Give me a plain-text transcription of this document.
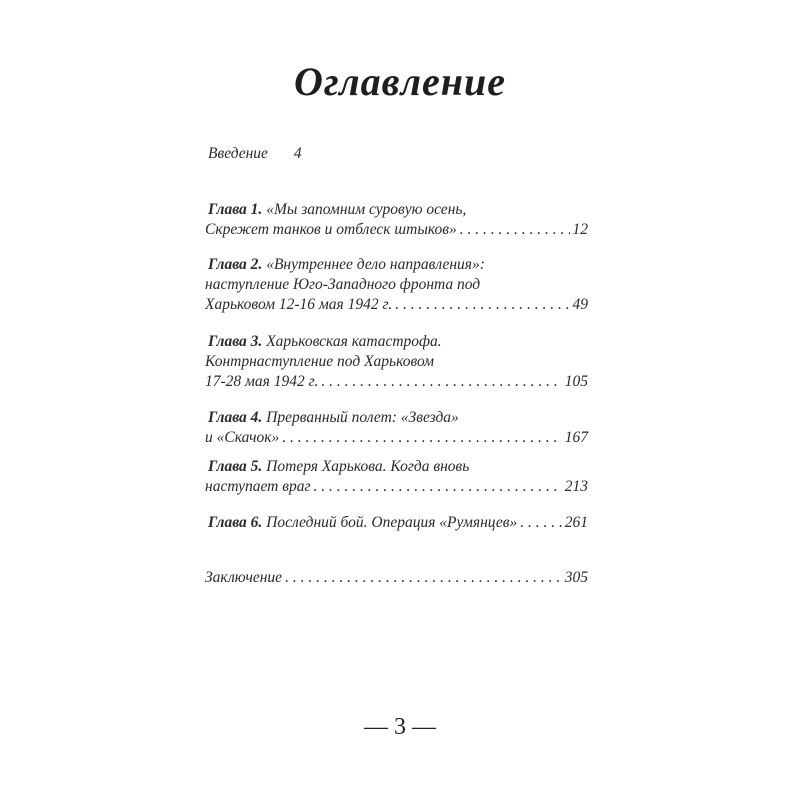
Оглавление
Введение 4
Глава 1. «Мы запомним суровую осень,
Скрежет танков и отблеск штыков» . . .	12
Глава 2. «Внутреннее дело направления»:
наступление Юго-Западного фронта под
Харьковом 12-16 мая 1942 г. . . .	49
Глава 3. Харьковская катастрофа.
Контрнаступление под Харьковом
17-28 мая 1942 г. . . .	105
Глава 4. Прерванный полет: «Звезда»
и «Скачок» . . .	167
Глава 5. Потеря Харькова. Когда вновь
наступает враг . . .	213
Глава 6. Последний бой. Операция «Румянцев» . . .	261
Заключение . . .	305
— 3 —
